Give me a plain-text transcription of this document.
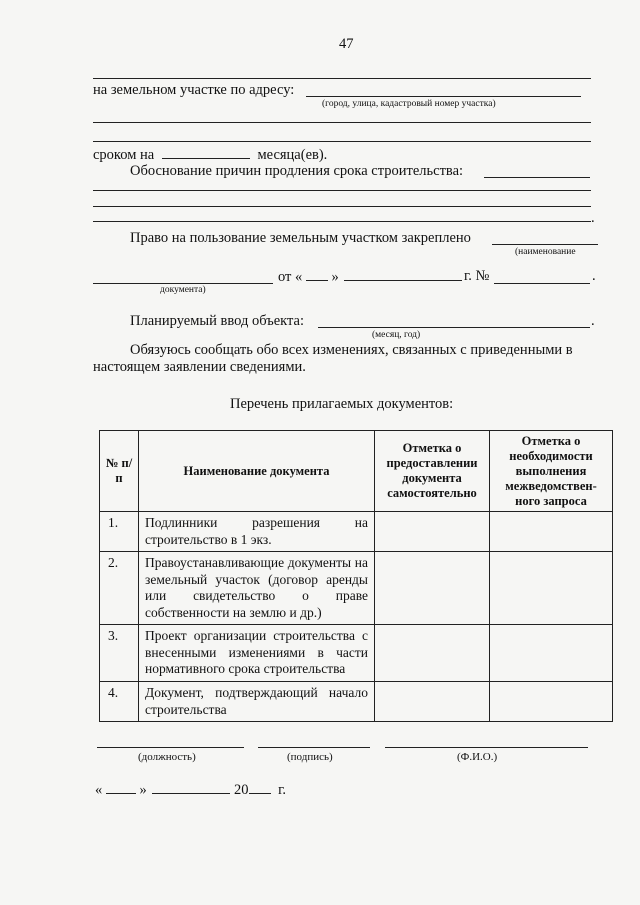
47
на земельном участке по адресу:
(город, улица, кадастровый номер участка)
сроком на	месяца(ев).
Обоснование причин продления срока строительства:
.
Право на пользование земельным участком закреплено
(наименование
от « »	г. №	.
документа)
Планируемый ввод объекта:	.
(месяц, год)
Обязуюсь сообщать обо всех изменениях, связанных с приведенными в
настоящем заявлении сведениями.
Перечень прилагаемых документов:
№ п/п	Наименование документа	Отметка о предоставлении документа самостоятельно	Отметка о необходимости выполнения межведомствен-ного запроса
1.	Подлинники разрешения на строительство в 1 экз.		
2.	Правоустанавливающие документы на земельный участок (договор аренды или свидетельство о праве собственности на землю и др.)		
3.	Проект организации строительства с внесенными изменениями в части нормативного срока строительства		
4.	Документ, подтверждающий начало строительства		
(должность)	(подпись)	(Ф.И.О.)
«	»	20 г.
